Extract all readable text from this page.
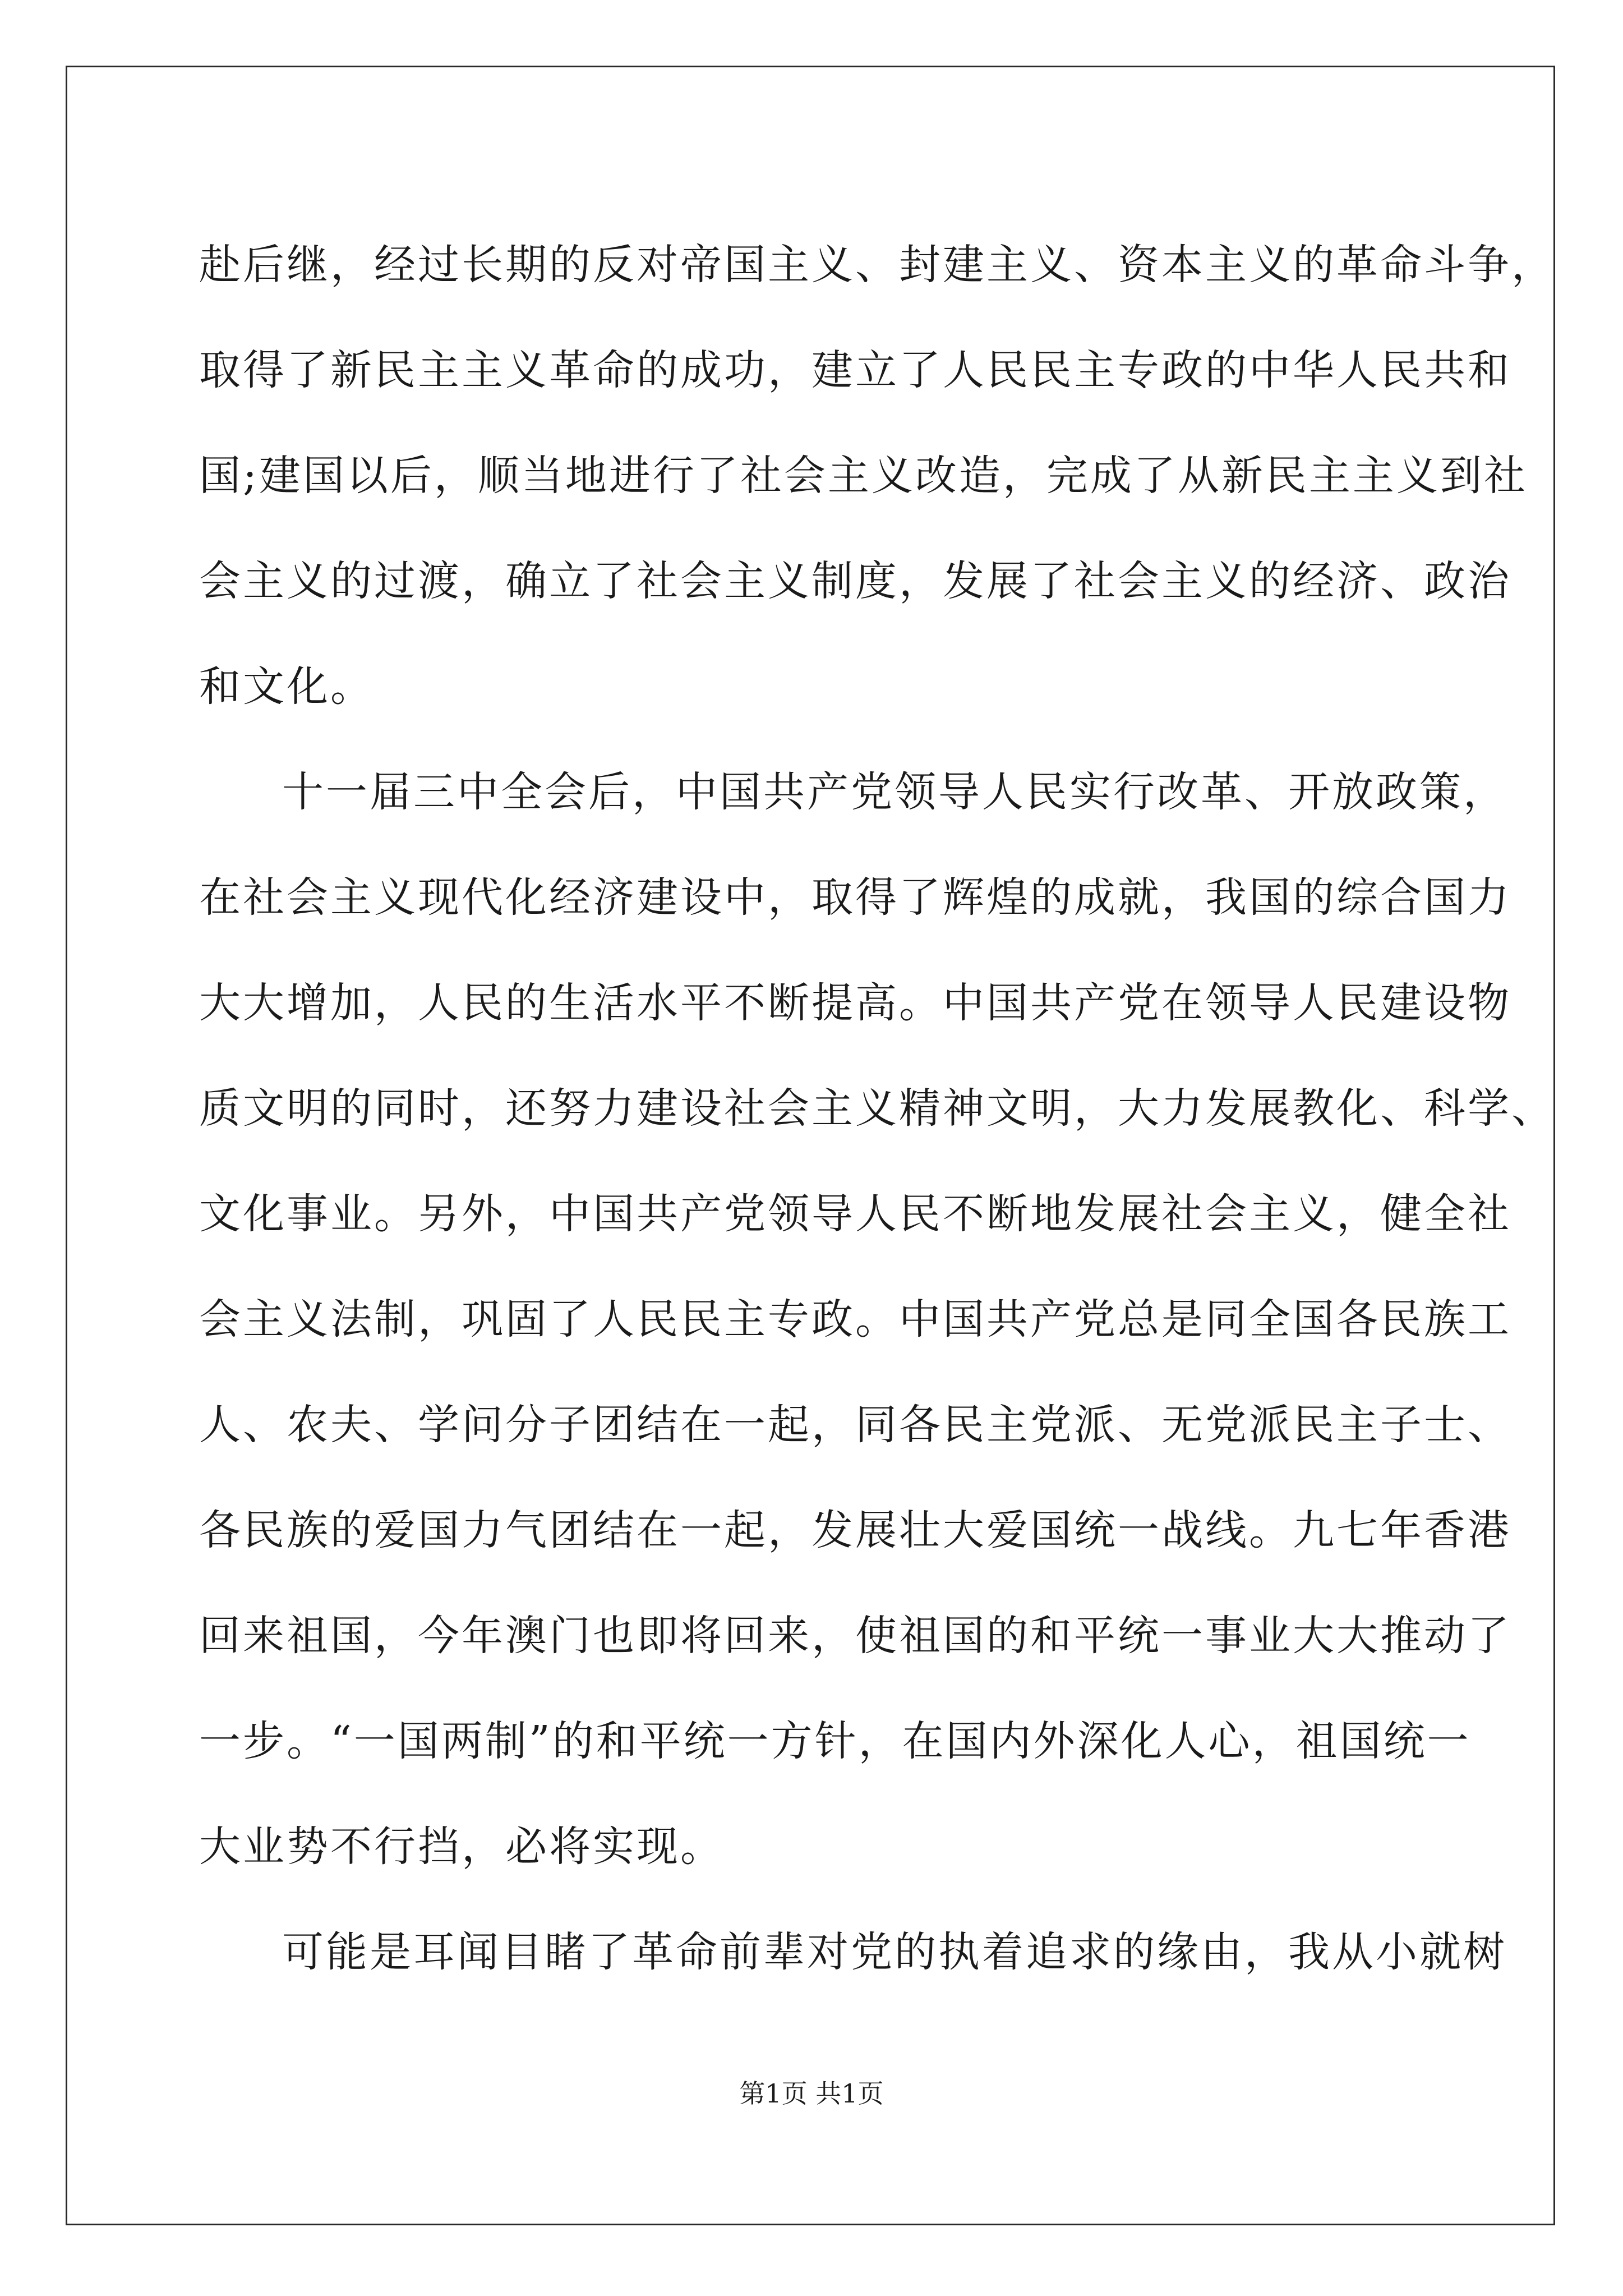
赴后继，经过长期的反对帝国主义、封建主义、资本主义的革命斗争，
取得了新民主主义革命的成功，建立了人民民主专政的中华人民共和
国;建国以后，顺当地进行了社会主义改造，完成了从新民主主义到社
会主义的过渡，确立了社会主义制度，发展了社会主义的经济、政治
和文化。
十一届三中全会后，中国共产党领导人民实行改革、开放政策，
在社会主义现代化经济建设中，取得了辉煌的成就，我国的综合国力
大大增加，人民的生活水平不断提高。中国共产党在领导人民建设物
质文明的同时，还努力建设社会主义精神文明，大力发展教化、科学、
文化事业。另外，中国共产党领导人民不断地发展社会主义，健全社
会主义法制，巩固了人民民主专政。中国共产党总是同全国各民族工
人、农夫、学问分子团结在一起，同各民主党派、无党派民主子士、
各民族的爱国力气团结在一起，发展壮大爱国统一战线。九七年香港
回来祖国，今年澳门也即将回来，使祖国的和平统一事业大大推动了
一步。“一国两制”的和平统一方针，在国内外深化人心，祖国统一
大业势不行挡，必将实现。
可能是耳闻目睹了革命前辈对党的执着追求的缘由，我从小就树
第1页 共1页
